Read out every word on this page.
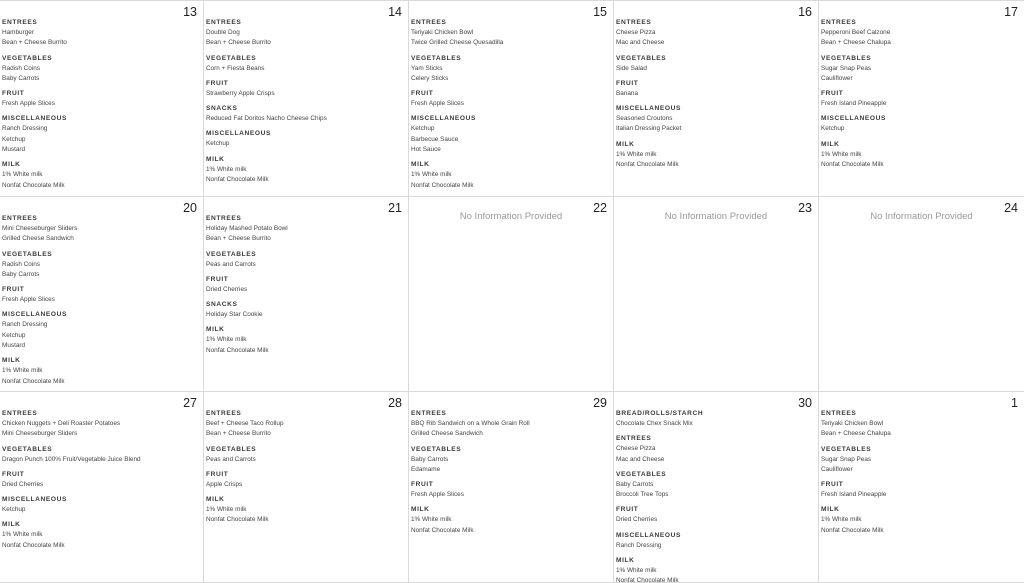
13
ENTREES
Hamburger
Bean + Cheese Burrito
VEGETABLES
Radish Coins
Baby Carrots
FRUIT
Fresh Apple Slices
MISCELLANEOUS
Ranch Dressing
Ketchup
Mustard
MILK
1% White milk
Nonfat Chocolate Milk
14
ENTREES
Double Dog
Bean + Cheese Burrito
VEGETABLES
Corn + Fiesta Beans
FRUIT
Strawberry Apple Crisps
SNACKS
Reduced Fat Doritos Nacho Cheese Chips
MISCELLANEOUS
Ketchup
MILK
1% White milk
Nonfat Chocolate Milk
15
ENTREES
Teriyaki Chicken Bowl
Twice Grilled Cheese Quesadilla
VEGETABLES
Yam Sticks
Celery Sticks
FRUIT
Fresh Apple Slices
MISCELLANEOUS
Ketchup
Barbecue Sauce
Hot Sauce
MILK
1% White milk
Nonfat Chocolate Milk
16
ENTREES
Cheese Pizza
Mac and Cheese
VEGETABLES
Side Salad
FRUIT
Banana
MISCELLANEOUS
Seasoned Croutons
Italian Dressing Packet
MILK
1% White milk
Nonfat Chocolate Milk
17
ENTREES
Pepperoni Beef Calzone
Bean + Cheese Chalupa
VEGETABLES
Sugar Snap Peas
Cauliflower
FRUIT
Fresh Island Pineapple
MISCELLANEOUS
Ketchup
MILK
1% White milk
Nonfat Chocolate Milk
20
ENTREES
Mini Cheeseburger Sliders
Grilled Cheese Sandwich
VEGETABLES
Radish Coins
Baby Carrots
FRUIT
Fresh Apple Slices
MISCELLANEOUS
Ranch Dressing
Ketchup
Mustard
MILK
1% White milk
Nonfat Chocolate Milk
21
ENTREES
Holiday Mashed Potato Bowl
Bean + Cheese Burrito
VEGETABLES
Peas and Carrots
FRUIT
Dried Cherries
SNACKS
Holiday Star Cookie
MILK
1% White milk
Nonfat Chocolate Milk
22
No Information Provided
23
No Information Provided
24
No Information Provided
27
ENTREES
Chicken Nuggets + Deli Roaster Potatoes
Mini Cheeseburger Sliders
VEGETABLES
Dragon Punch 100% Fruit/Vegetable Juice Blend
FRUIT
Dried Cherries
MISCELLANEOUS
Ketchup
MILK
1% White milk
Nonfat Chocolate Milk
28
ENTREES
Beef + Cheese Taco Rollup
Bean + Cheese Burrito
VEGETABLES
Peas and Carrots
FRUIT
Apple Crisps
MILK
1% White milk
Nonfat Chocolate Milk
29
ENTREES
BBQ Rib Sandwich on a Whole Grain Roll
Grilled Cheese Sandwich
VEGETABLES
Baby Carrots
Edamame
FRUIT
Fresh Apple Slices
MILK
1% White milk
Nonfat Chocolate Milk
30
BREAD/ROLLS/STARCH
Chocolate Chex Snack Mix
ENTREES
Cheese Pizza
Mac and Cheese
VEGETABLES
Baby Carrots
Broccoli Tree Tops
FRUIT
Dried Cherries
MISCELLANEOUS
Ranch Dressing
MILK
1% White milk
Nonfat Chocolate Milk
1
ENTREES
Teriyaki Chicken Bowl
Bean + Cheese Chalupa
VEGETABLES
Sugar Snap Peas
Cauliflower
FRUIT
Fresh Island Pineapple
MILK
1% White milk
Nonfat Chocolate Milk
